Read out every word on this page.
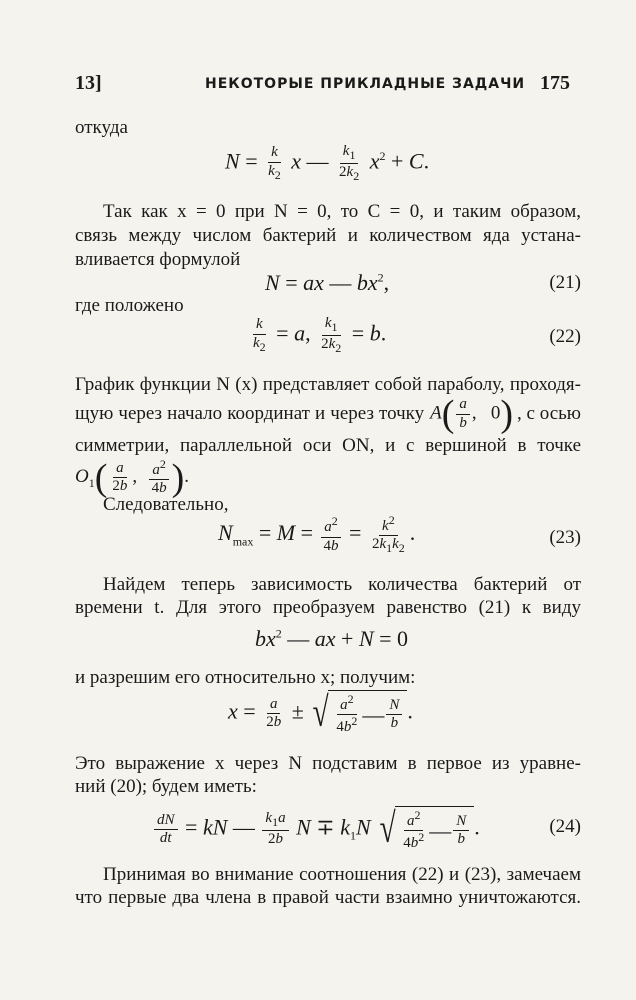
13]	НЕКОТОРЫЕ ПРИКЛАДНЫЕ ЗАДАЧИ 175
откуда
$N = \frac{k}{k_2}$ x — $\frac{k_1}{2k_2} x^2 + C$.
Так как x = 0 при N = 0, то C = 0, и таким образом,
связь между числом бактерий и количеством яда устана-
вливается формулой
N = ax — $bx^2$,	(21)
где положено
$\frac{k}{k_2} = a$, $\frac{k_1}{2k_2} = b$.	(22)
График функции N (x) представляет собой параболу, проходя-
щую через начало координат и через точку $A( \frac{a}{b}$ ,   0) , с осью
симметрии, параллельной оси ON, и с вершиной в точке
$O_1( \frac{a}{2b}$ , $\frac{a^2}{4b}$ ).
Следовательно,
$N_{max} = M = \frac{a^2}{4b} = \frac{k^2}{2k_1k_2}$ .	(23)
Найдем теперь зависимость количества бактерий от
времени t. Для этого преобразуем равенство (21) к виду
$bx^2$ — ax + N = 0
и разрешим его относительно x; получим:
$x = \frac{a}{2b}$ ± √ $\frac{a^2}{4b^2}$ — $\frac{N}{b}$ .
Это выражение x через N подставим в первое из уравне-
ний (20); будем иметь:
$\frac{dN}{dt}$ = kN — $\frac{k_1a}{2b}$ $N \mp k_1N$ √ $\frac{a^2}{4b^2}$ — $\frac{N}{b}$ .	(24)
Принимая во внимание соотношения (22) и (23), замечаем
что первые два члена в правой части взаимно уничтожаются.
